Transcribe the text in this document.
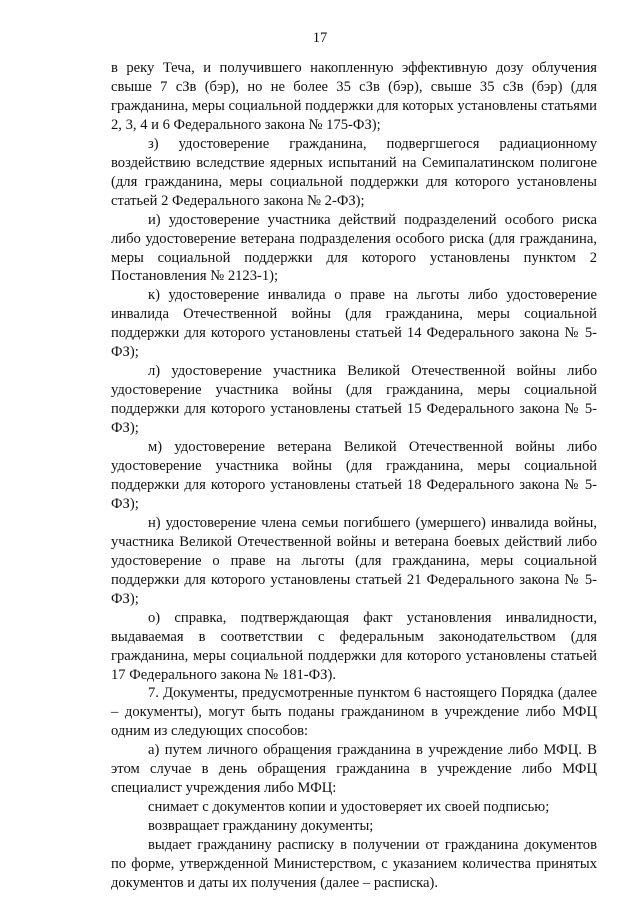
17

в реку Теча, и получившего накопленную эффективную дозу облучения свыше 7 сЗв (бэр), но не более 35 сЗв (бэр), свыше 35 сЗв (бэр) (для гражданина, меры социальной поддержки для которых установлены статьями 2, 3, 4 и 6 Федерального закона № 175-ФЗ);

з) удостоверение гражданина, подвергшегося радиационному воздействию вследствие ядерных испытаний на Семипалатинском полигоне (для гражданина, меры социальной поддержки для которого установлены статьей 2 Федерального закона № 2-ФЗ);

и) удостоверение участника действий подразделений особого риска либо удостоверение ветерана подразделения особого риска (для гражданина, меры социальной поддержки для которого установлены пунктом 2 Постановления № 2123-1);

к) удостоверение инвалида о праве на льготы либо удостоверение инвалида Отечественной войны (для гражданина, меры социальной поддержки для которого установлены статьей 14 Федерального закона № 5-ФЗ);

л) удостоверение участника Великой Отечественной войны либо удостоверение участника войны (для гражданина, меры социальной поддержки для которого установлены статьей 15 Федерального закона № 5-ФЗ);

м) удостоверение ветерана Великой Отечественной войны либо удостоверение участника войны (для гражданина, меры социальной поддержки для которого установлены статьей 18 Федерального закона № 5-ФЗ);

н) удостоверение члена семьи погибшего (умершего) инвалида войны, участника Великой Отечественной войны и ветерана боевых действий либо удостоверение о праве на льготы (для гражданина, меры социальной поддержки для которого установлены статьей 21 Федерального закона № 5-ФЗ);

о) справка, подтверждающая факт установления инвалидности, выдаваемая в соответствии с федеральным законодательством (для гражданина, меры социальной поддержки для которого установлены статьей 17 Федерального закона № 181-ФЗ).

7. Документы, предусмотренные пунктом 6 настоящего Порядка (далее – документы), могут быть поданы гражданином в учреждение либо МФЦ одним из следующих способов:

а) путем личного обращения гражданина в учреждение либо МФЦ. В этом случае в день обращения гражданина в учреждение либо МФЦ специалист учреждения либо МФЦ:

снимает с документов копии и удостоверяет их своей подписью;

возвращает гражданину документы;

выдает гражданину расписку в получении от гражданина документов по форме, утвержденной Министерством, с указанием количества принятых документов и даты их получения (далее – расписка).
